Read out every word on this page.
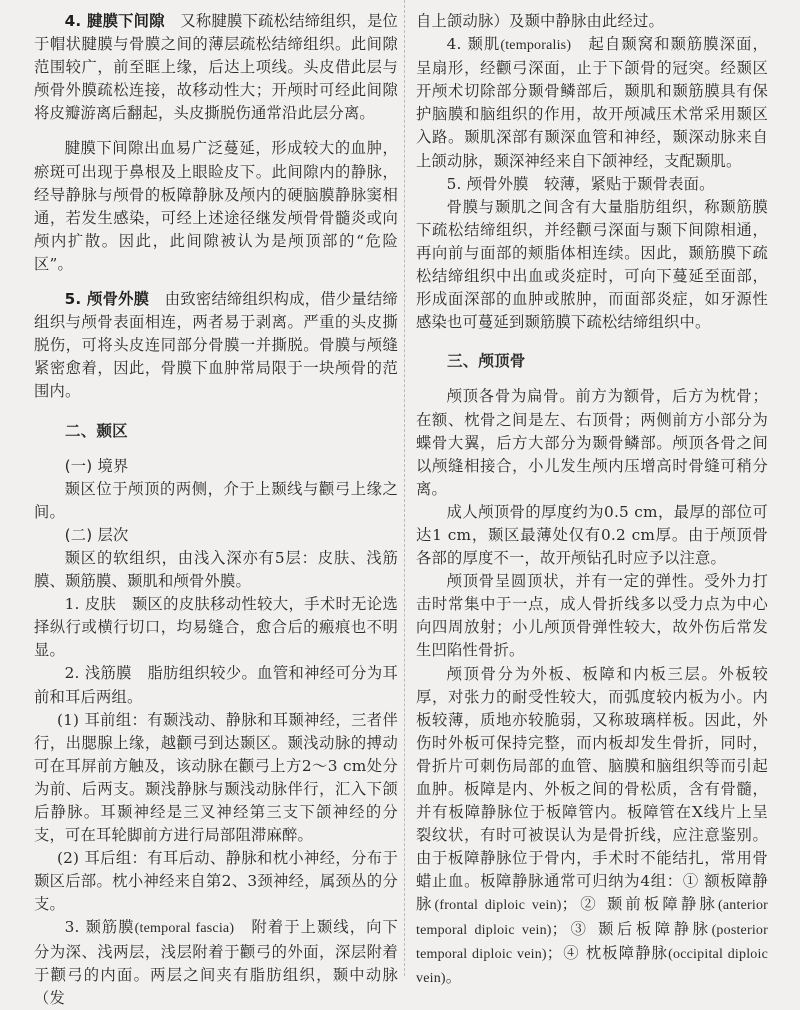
4. 腱膜下间隙　 又称腱膜下疏松结缔组织，是位于帽状腱膜与骨膜之间的薄层疏松结缔组织。此间隙范围较广，前至眶上缘，后达上项线。头皮借此层与颅骨外膜疏松连接，故移动性大；开颅时可经此间隙将皮瓣游离后翻起，头皮撕脱伤通常沿此层分离。

腱膜下间隙出血易广泛蔓延，形成较大的血肿，瘀斑可出现于鼻根及上眼睑皮下。此间隙内的静脉，经导静脉与颅骨的板障静脉及颅内的硬脑膜静脉窦相通，若发生感染，可经上述途径继发颅骨骨髓炎或向颅内扩散。因此，此间隙被认为是颅顶部的“危险区”。

5. 颅骨外膜　 由致密结缔组织构成，借少量结缔组织与颅骨表面相连，两者易于剥离。严重的头皮撕脱伤，可将头皮连同部分骨膜一并撕脱。骨膜与颅缝紧密愈着，因此，骨膜下血肿常局限于一块颅骨的范围内。

二、颞区
(一) 境界

颞区位于颅顶的两侧，介于上颞线与颧弓上缘之间。

(二) 层次

颞区的软组织，由浅入深亦有5层：皮肤、浅筋膜、颞筋膜、颞肌和颅骨外膜。

1. 皮肤　 颞区的皮肤移动性较大，手术时无论选择纵行或横行切口，均易缝合，愈合后的瘢痕也不明显。

2. 浅筋膜　 脂肪组织较少。血管和神经可分为耳前和耳后两组。

(1) 耳前组：有颞浅动、静脉和耳颞神经，三者伴行，出腮腺上缘，越颧弓到达颞区。颞浅动脉的搏动可在耳屏前方触及，该动脉在颧弓上方2～3 cm处分为前、后两支。颞浅静脉与颞浅动脉伴行，汇入下颌后静脉。耳颞神经是三叉神经第三支下颌神经的分支，可在耳轮脚前方进行局部阻滞麻醉。

(2) 耳后组：有耳后动、静脉和枕小神经，分布于颞区后部。枕小神经来自第2、3颈神经，属颈丛的分支。

3. 颞筋膜(temporal fascia)　 附着于上颞线，向下分为深、浅两层，浅层附着于颧弓的外面，深层附着于颧弓的内面。两层之间夹有脂肪组织，颞中动脉（发

自上颌动脉）及颞中静脉由此经过。

4. 颞肌(temporalis)　 起自颞窝和颞筋膜深面，呈扇形，经颧弓深面，止于下颌骨的冠突。经颞区开颅术切除部分颞骨鳞部后，颞肌和颞筋膜具有保护脑膜和脑组织的作用，故开颅减压术常采用颞区入路。颞肌深部有颞深血管和神经，颞深动脉来自上颌动脉，颞深神经来自下颌神经，支配颞肌。

5. 颅骨外膜　 较薄，紧贴于颞骨表面。

骨膜与颞肌之间含有大量脂肪组织，称颞筋膜下疏松结缔组织，并经颧弓深面与颞下间隙相通，再向前与面部的颊脂体相连续。因此，颞筋膜下疏松结缔组织中出血或炎症时，可向下蔓延至面部，形成面深部的血肿或脓肿，而面部炎症，如牙源性感染也可蔓延到颞筋膜下疏松结缔组织中。

三、颅顶骨

颅顶各骨为扁骨。前方为额骨，后方为枕骨；在额、枕骨之间是左、右顶骨；两侧前方小部分为蝶骨大翼，后方大部分为颞骨鳞部。颅顶各骨之间以颅缝相接合，小儿发生颅内压增高时骨缝可稍分离。

成人颅顶骨的厚度约为0.5 cm，最厚的部位可达1 cm，颞区最薄处仅有0.2 cm厚。由于颅顶骨各部的厚度不一，故开颅钻孔时应予以注意。

颅顶骨呈圆顶状，并有一定的弹性。受外力打击时常集中于一点，成人骨折线多以受力点为中心向四周放射；小儿颅顶骨弹性较大，故外伤后常发生凹陷性骨折。

颅顶骨分为外板、板障和内板三层。外板较厚，对张力的耐受性较大，而弧度较内板为小。内板较薄，质地亦较脆弱，又称玻璃样板。因此，外伤时外板可保持完整，而内板却发生骨折，同时，骨折片可刺伤局部的血管、脑膜和脑组织等而引起血肿。板障是内、外板之间的骨松质，含有骨髓，并有板障静脉位于板障管内。板障管在X线片上呈裂纹状，有时可被误认为是骨折线，应注意鉴别。由于板障静脉位于骨内，手术时不能结扎，常用骨蜡止血。板障静脉通常可归纳为4组：① 额板障静脉(frontal diploic vein)；② 颞前板障静脉(anterior temporal diploic vein)；③ 颞后板障静脉(posterior temporal diploic vein)；④ 枕板障静脉(occipital diploic vein)。
